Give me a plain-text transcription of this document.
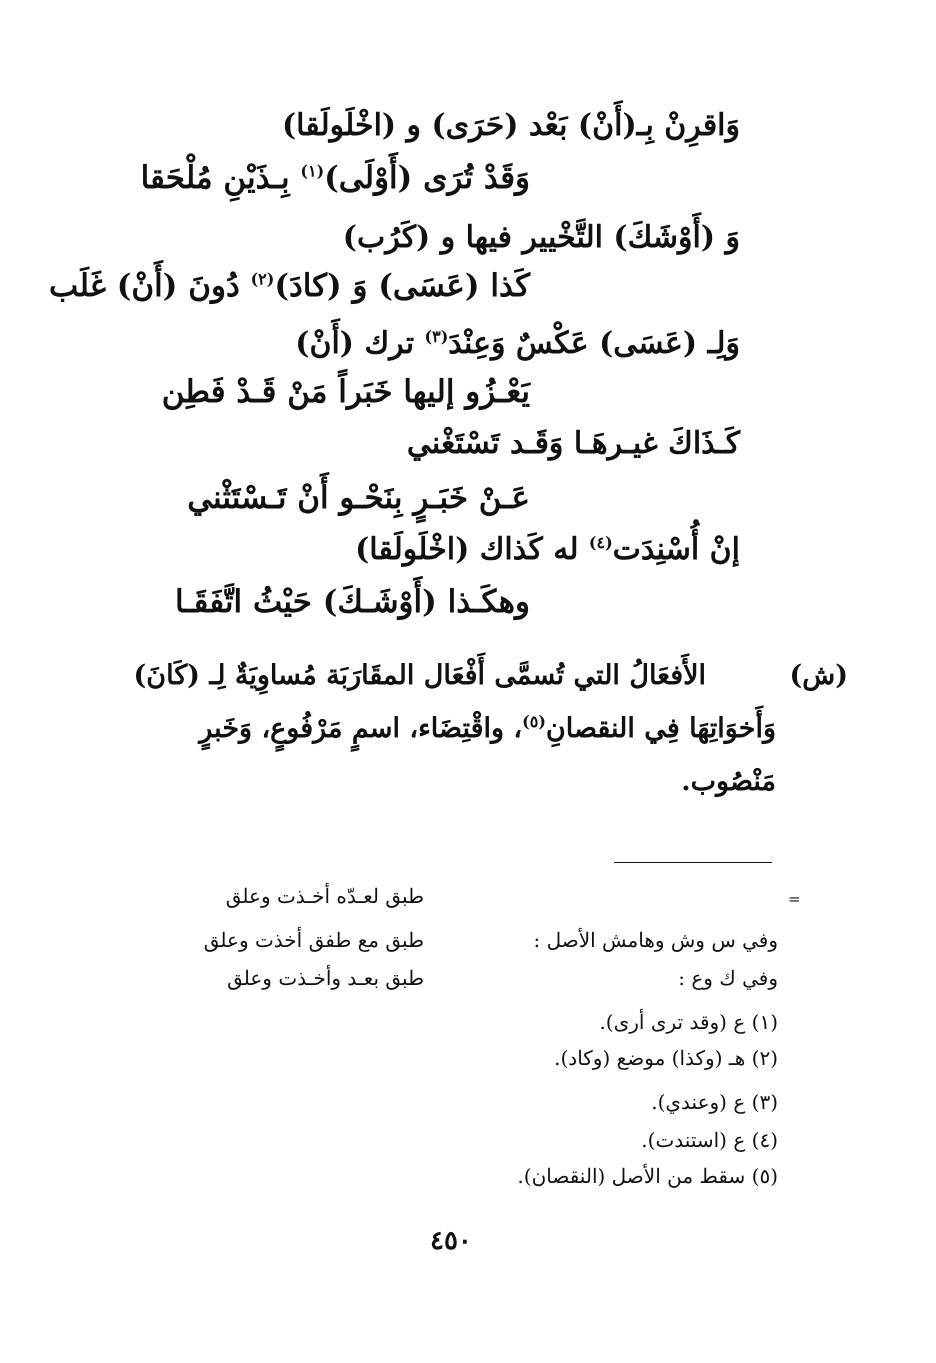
وَاقرِنْ بِـ(أَنْ) بَعْد (حَرَى) و (اخْلَولَقا)
وَ (أَوْشَكَ) التَّخْيير فيها و (كَرُب)
وَلِـ (عَسَى) عَكْسٌ وَعِنْدَ$^{(٣)}$ ترك (أَنْ)
كَـذَاكَ غيـرهَـا وَقَـد تَسْتَغْني
إنْ أُسْنِدَت$^{(٤)}$ له كَذاك (اخْلَولَقا)
وَقَدْ تُرَى (أَوْلَى)$^{(١)}$ بِـذَيْنِ مُلْحَقا
كَذا (عَسَى) وَ (كادَ)$^{(٢)}$ دُونَ (أَنْ) غَلَب
يَعْـزُو إليها خَبَراً مَنْ قَـدْ فَطِن
عَـنْ خَبَـرٍ بِنَحْـو أَنْ تَـسْتَثْني
وهكَـذا (أَوْشَـكَ) حَيْثُ اتَّفَقَـا
(ش)
الأَفعَالُ التي تُسمَّى أَفْعَال المقَارَبَة مُساوِيَةٌ لِـ (كَانَ)
وَأَخوَاتِهَا فِي النقصانِ$^{(٥)}$، واقْتِضَاء، اسمٍ مَرْفُوعٍ، وَخَبرٍ
مَنْصُوب.
=
طبق لعـدّه أخـذت وعلق
وفي س وش وهامش الأصل :
طبق مع طفق أخذت وعلق
وفي ك وع :
طبق بعـد وأخـذت وعلق
(١) ع (وقد ترى أرى).
(٢) هـ (وكذا) موضع (وكاد).
(٣) ع (وعندي).
(٤) ع (استندت).
(٥) سقط من الأصل (النقصان).
٤٥٠
